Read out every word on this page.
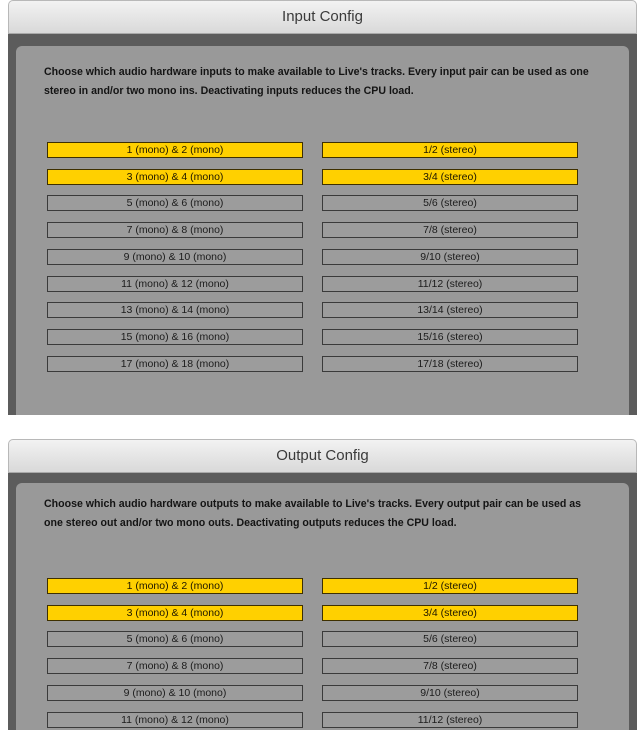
Input Config

Choose which audio hardware inputs to make available to Live's tracks. Every input pair can be used as one stereo in and/or two mono ins. Deactivating inputs reduces the CPU load.

1 (mono) & 2 (mono)
3 (mono) & 4 (mono)
5 (mono) & 6 (mono)
7 (mono) & 8 (mono)
9 (mono) & 10 (mono)
11 (mono) & 12 (mono)
13 (mono) & 14 (mono)
15 (mono) & 16 (mono)
17 (mono) & 18 (mono)
1/2 (stereo)
3/4 (stereo)
5/6 (stereo)
7/8 (stereo)
9/10 (stereo)
11/12 (stereo)
13/14 (stereo)
15/16 (stereo)
17/18 (stereo)
Output Config

Choose which audio hardware outputs to make available to Live's tracks. Every output pair can be used as one stereo out and/or two mono outs. Deactivating outputs reduces the CPU load.

1 (mono) & 2 (mono)
3 (mono) & 4 (mono)
5 (mono) & 6 (mono)
7 (mono) & 8 (mono)
9 (mono) & 10 (mono)
11 (mono) & 12 (mono)
1/2 (stereo)
3/4 (stereo)
5/6 (stereo)
7/8 (stereo)
9/10 (stereo)
11/12 (stereo)
